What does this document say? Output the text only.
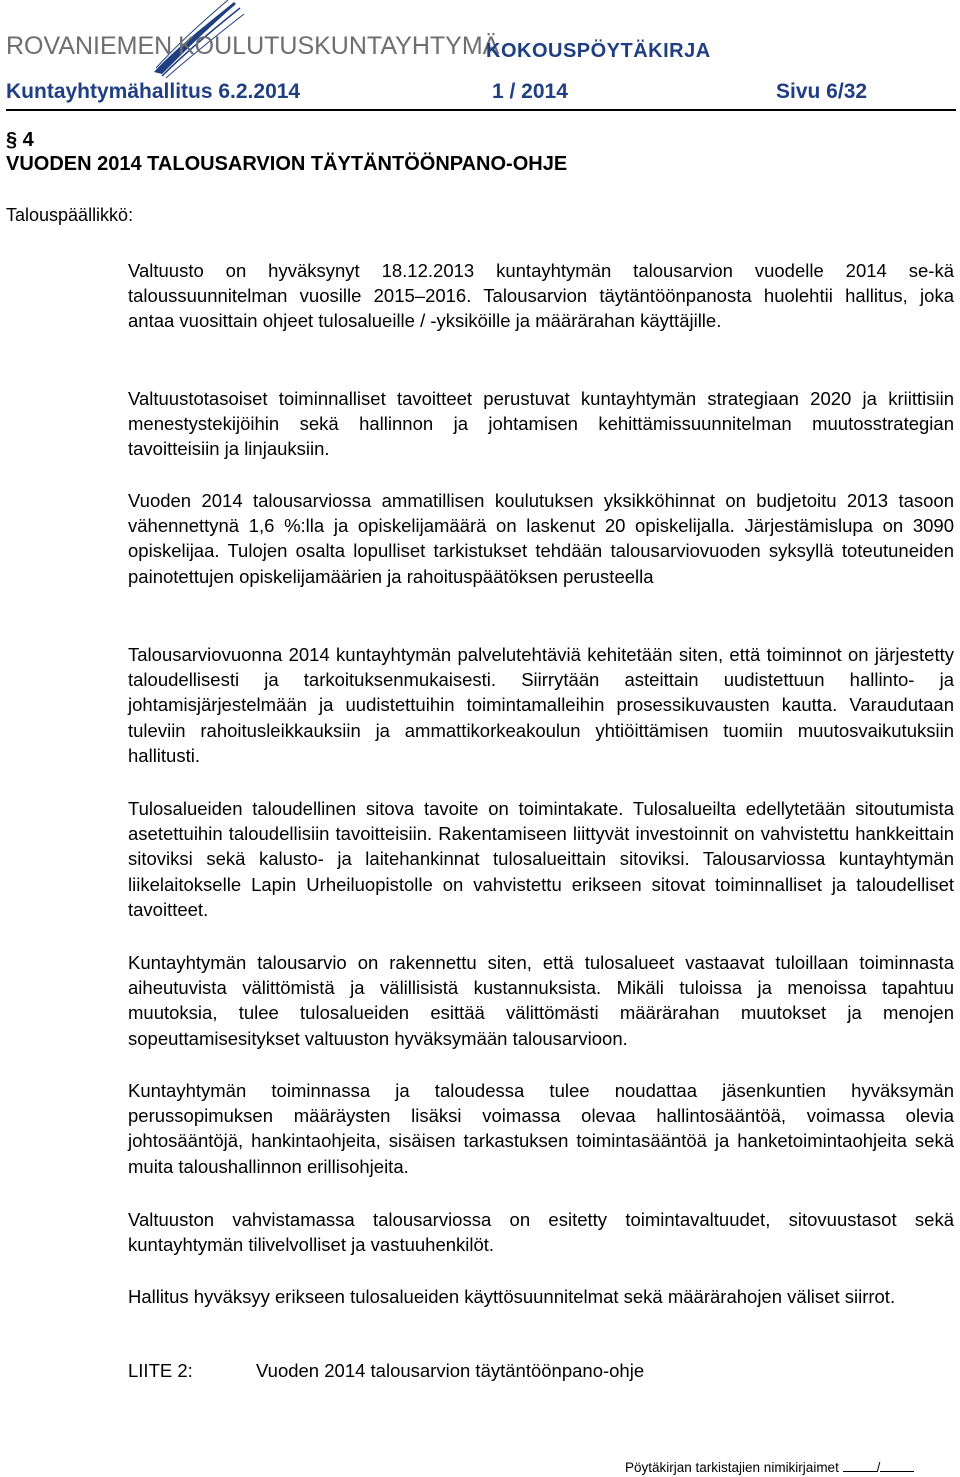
ROVANIEMEN KOULUTUSKUNTAYHTYMÄ
KOKOUSPÖYTÄKIRJA
Kuntayhtymähallitus 6.2.2014	1 / 2014	Sivu 6/32
§ 4
VUODEN 2014 TALOUSARVION TÄYTÄNTÖÖNPANO-OHJE
Talouspäällikkö:

Valtuusto on hyväksynyt 18.12.2013 kuntayhtymän talousarvion vuodelle 2014 se-kä taloussuunnitelman vuosille 2015–2016. Talousarvion täytäntöönpanosta huolehtii hallitus, joka antaa vuosittain ohjeet tulosalueille / -yksiköille ja määrärahan käyttäjille.

Valtuustotasoiset toiminnalliset tavoitteet perustuvat kuntayhtymän strategiaan 2020 ja kriittisiin menestystekijöihin sekä hallinnon ja johtamisen kehittämissuunnitelman muutosstrategian tavoitteisiin ja linjauksiin.

Vuoden 2014 talousarviossa ammatillisen koulutuksen yksikköhinnat on budjetoitu 2013 tasoon vähennettynä 1,6 %:lla ja opiskelijamäärä on laskenut 20 opiskelijalla. Järjestämislupa on 3090 opiskelijaa. Tulojen osalta lopulliset tarkistukset tehdään talousarviovuoden syksyllä toteutuneiden painotettujen opiskelijamäärien ja rahoituspäätöksen perusteella

Talousarviovuonna 2014 kuntayhtymän palvelutehtäviä kehitetään siten, että toiminnot on järjestetty taloudellisesti ja tarkoituksenmukaisesti. Siirrytään asteittain uudistettuun hallinto- ja johtamisjärjestelmään ja uudistettuihin toimintamalleihin prosessikuvausten kautta. Varaudutaan tuleviin rahoitusleikkauksiin ja ammattikorkeakoulun yhtiöittämisen tuomiin muutosvaikutuksiin hallitusti.

Tulosalueiden taloudellinen sitova tavoite on toimintakate. Tulosalueilta edellytetään sitoutumista asetettuihin taloudellisiin tavoitteisiin. Rakentamiseen liittyvät investoinnit on vahvistettu hankkeittain sitoviksi sekä kalusto- ja laitehankinnat tulosalueittain sitoviksi. Talousarviossa kuntayhtymän liikelaitokselle Lapin Urheiluopistolle on vahvistettu erikseen sitovat toiminnalliset ja taloudelliset tavoitteet.

Kuntayhtymän talousarvio on rakennettu siten, että tulosalueet vastaavat tuloillaan toiminnasta aiheutuvista välittömistä ja välillisistä kustannuksista. Mikäli tuloissa ja menoissa tapahtuu muutoksia, tulee tulosalueiden esittää välittömästi määrärahan muutokset ja menojen sopeuttamisesitykset valtuuston hyväksymään talousarvioon.

Kuntayhtymän toiminnassa ja taloudessa tulee noudattaa jäsenkuntien hyväksymän perussopimuksen määräysten lisäksi voimassa olevaa hallintosääntöä, voimassa olevia johtosääntöjä, hankintaohjeita, sisäisen tarkastuksen toimintasääntöä ja hanketoimintaohjeita sekä muita taloushallinnon erillisohjeita.

Valtuuston vahvistamassa talousarviossa on esitetty toimintavaltuudet, sitovuustasot sekä kuntayhtymän tilivelvolliset ja vastuuhenkilöt.

Hallitus hyväksyy erikseen tulosalueiden käyttösuunnitelmat sekä määrärahojen väliset siirrot.

LIITE 2:	Vuoden 2014 talousarvion täytäntöönpano-ohje
Pöytäkirjan tarkistajien nimikirjaimet	/
